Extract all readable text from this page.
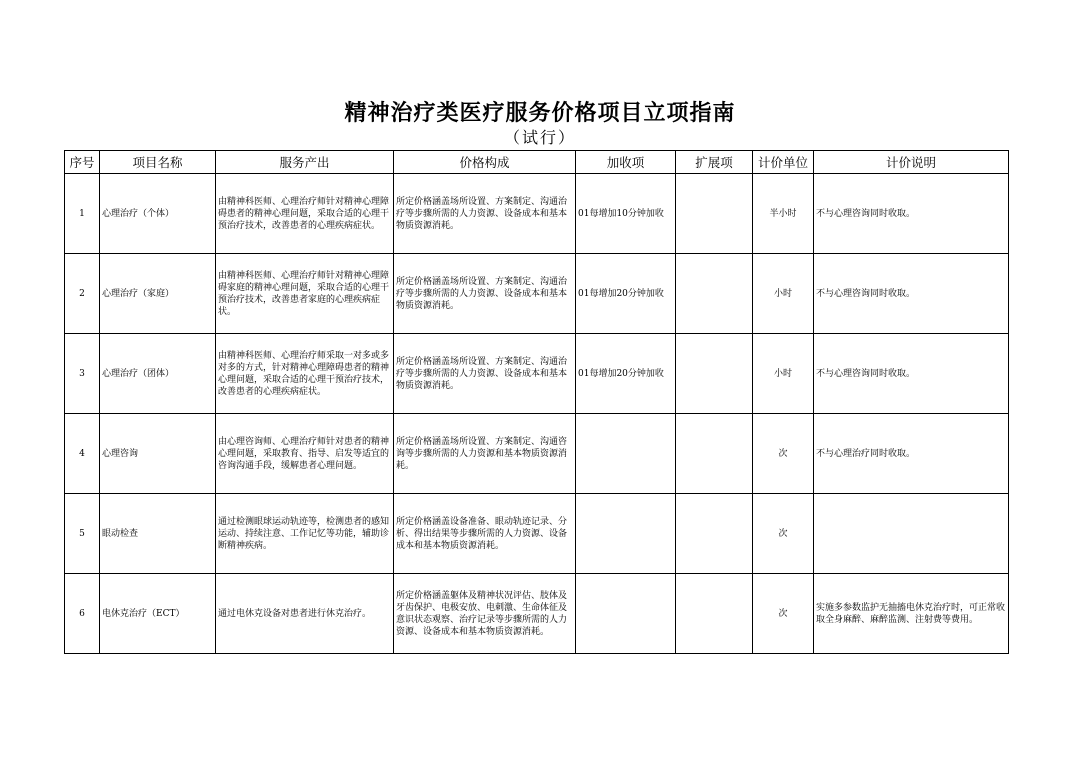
精神治疗类医疗服务价格项目立项指南
（试行）
序号	项目名称	服务产出	价格构成	加收项	扩展项	计价单位	计价说明
1	心理治疗（个体）	由精神科医师、心理治疗师针对精神心理障碍患者的精神心理问题，采取合适的心理干预治疗技术，改善患者的心理疾病症状。	所定价格涵盖场所设置、方案制定、沟通治疗等步骤所需的人力资源、设备成本和基本物质资源消耗。	01每增加10分钟加收		半小时	不与心理咨询同时收取。
2	心理治疗（家庭）	由精神科医师、心理治疗师针对精神心理障碍家庭的精神心理问题，采取合适的心理干预治疗技术，改善患者家庭的心理疾病症状。	所定价格涵盖场所设置、方案制定、沟通治疗等步骤所需的人力资源、设备成本和基本物质资源消耗。	01每增加20分钟加收		小时	不与心理咨询同时收取。
3	心理治疗（团体）	由精神科医师、心理治疗师采取一对多或多对多的方式，针对精神心理障碍患者的精神心理问题，采取合适的心理干预治疗技术，改善患者的心理疾病症状。	所定价格涵盖场所设置、方案制定、沟通治疗等步骤所需的人力资源、设备成本和基本物质资源消耗。	01每增加20分钟加收		小时	不与心理咨询同时收取。
4	心理咨询	由心理咨询师、心理治疗师针对患者的精神心理问题，采取教育、指导、启发等适宜的咨询沟通手段，缓解患者心理问题。	所定价格涵盖场所设置、方案制定、沟通咨询等步骤所需的人力资源和基本物质资源消耗。			次	不与心理治疗同时收取。
5	眼动检查	通过检测眼球运动轨迹等，检测患者的感知运动、持续注意、工作记忆等功能，辅助诊断精神疾病。	所定价格涵盖设备准备、眼动轨迹记录、分析、得出结果等步骤所需的人力资源、设备成本和基本物质资源消耗。			次	
6	电休克治疗（ECT）	通过电休克设备对患者进行休克治疗。	所定价格涵盖躯体及精神状况评估、肢体及牙齿保护、电极安放、电刺激、生命体征及意识状态观察、治疗记录等步骤所需的人力资源、设备成本和基本物质资源消耗。			次	实施多参数监护无抽搐电休克治疗时，可正常收取全身麻醉、麻醉监测、注射费等费用。
